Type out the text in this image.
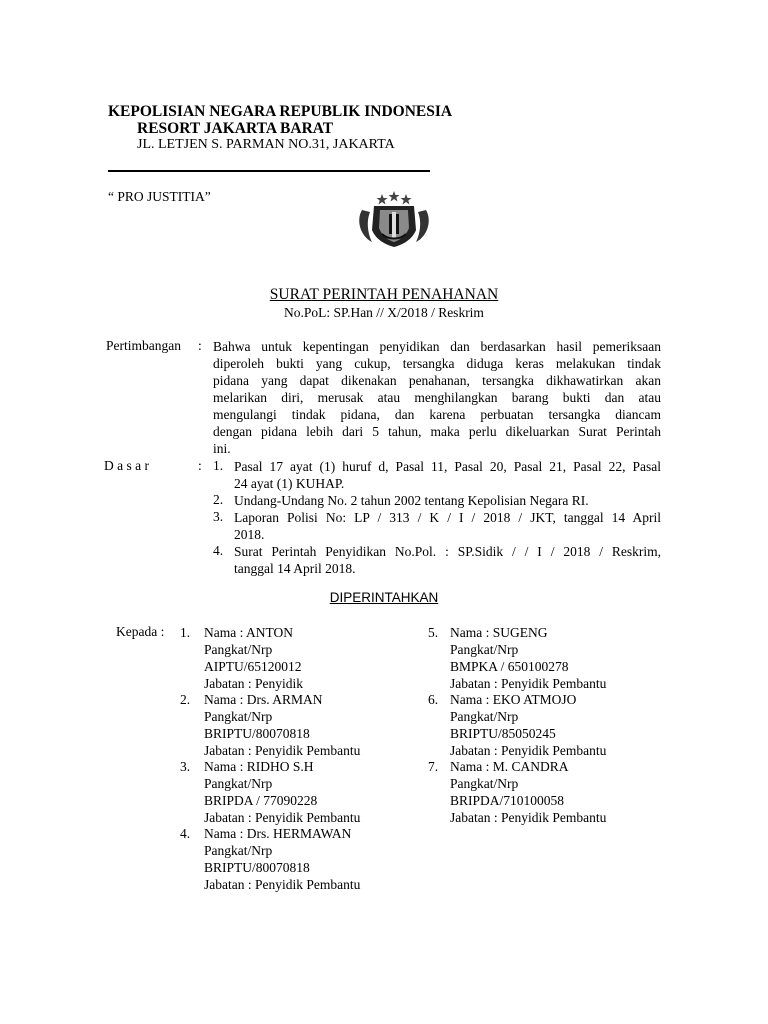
KEPOLISIAN NEGARA REPUBLIK INDONESIA
RESORT JAKARTA BARAT
JL. LETJEN S. PARMAN NO.31, JAKARTA
“ PRO JUSTITIA”
SURAT PERINTAH PENAHANAN
No.PoL: SP.Han // X/2018 / Reskrim
Pertimbangan : Bahwa untuk kepentingan penyidikan dan berdasarkan hasil pemeriksaan
diperoleh bukti yang cukup, tersangka diduga keras melakukan tindak
pidana yang dapat dikenakan penahanan, tersangka dikhawatirkan akan
melarikan diri, merusak atau menghilangkan barang bukti dan atau
mengulangi tindak pidana, dan karena perbuatan tersangka diancam
dengan pidana lebih dari 5 tahun, maka perlu dikeluarkan Surat Perintah
ini.
D a s a r	: 1. Pasal 17 ayat (1) huruf d, Pasal 11, Pasal 20, Pasal 21, Pasal 22, Pasal
24 ayat (1) KUHAP.
2. Undang-Undang No. 2 tahun 2002 tentang Kepolisian Negara RI.
3. Laporan Polisi No: LP / 313 / K / I / 2018 / JKT, tanggal 14 April
2018.
4. Surat Perintah Penyidikan No.Pol. : SP.Sidik / / I / 2018 / Reskrim,
tanggal 14 April 2018.
DIPERINTAHKAN
Kepada : 1. Nama : ANTON
Pangkat/Nrp
AIPTU/65120012
Jabatan : Penyidik
2. Nama : Drs. ARMAN
Pangkat/Nrp
BRIPTU/80070818
Jabatan : Penyidik Pembantu
3. Nama : RIDHO S.H
Pangkat/Nrp
BRIPDA / 77090228
Jabatan : Penyidik Pembantu
4. Nama : Drs. HERMAWAN
Pangkat/Nrp
BRIPTU/80070818
Jabatan : Penyidik Pembantu
5. Nama : SUGENG
Pangkat/Nrp
BMPKA / 650100278
Jabatan : Penyidik Pembantu
6. Nama : EKO ATMOJO
Pangkat/Nrp
BRIPTU/85050245
Jabatan : Penyidik Pembantu
7. Nama : M. CANDRA
Pangkat/Nrp
BRIPDA/710100058
Jabatan : Penyidik Pembantu
